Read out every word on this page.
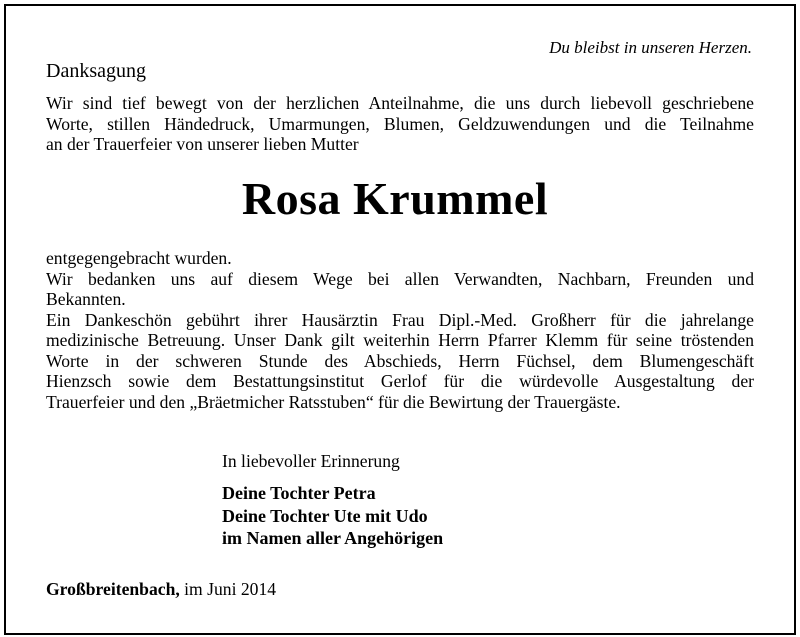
Du bleibst in unseren Herzen.
Danksagung
Wir sind tief bewegt von der herzlichen Anteilnahme, die uns durch liebevoll geschriebene
Worte, stillen Händedruck, Umarmungen, Blumen, Geldzuwendungen und die Teilnahme
an der Trauerfeier von unserer lieben Mutter
Rosa Krummel
entgegengebracht wurden.
Wir bedanken uns auf diesem Wege bei allen Verwandten, Nachbarn, Freunden und
Bekannten.
Ein Dankeschön gebührt ihrer Hausärztin Frau Dipl.-Med. Großherr für die jahrelange
medizinische Betreuung. Unser Dank gilt weiterhin Herrn Pfarrer Klemm für seine tröstenden
Worte in der schweren Stunde des Abschieds, Herrn Füchsel, dem Blumengeschäft
Hienzsch sowie dem Bestattungsinstitut Gerlof für die würdevolle Ausgestaltung der
Trauerfeier und den „Bräetmicher Ratsstuben“ für die Bewirtung der Trauergäste.
In liebevoller Erinnerung
Deine Tochter Petra
Deine Tochter Ute mit Udo
im Namen aller Angehörigen
Großbreitenbach, im Juni 2014
